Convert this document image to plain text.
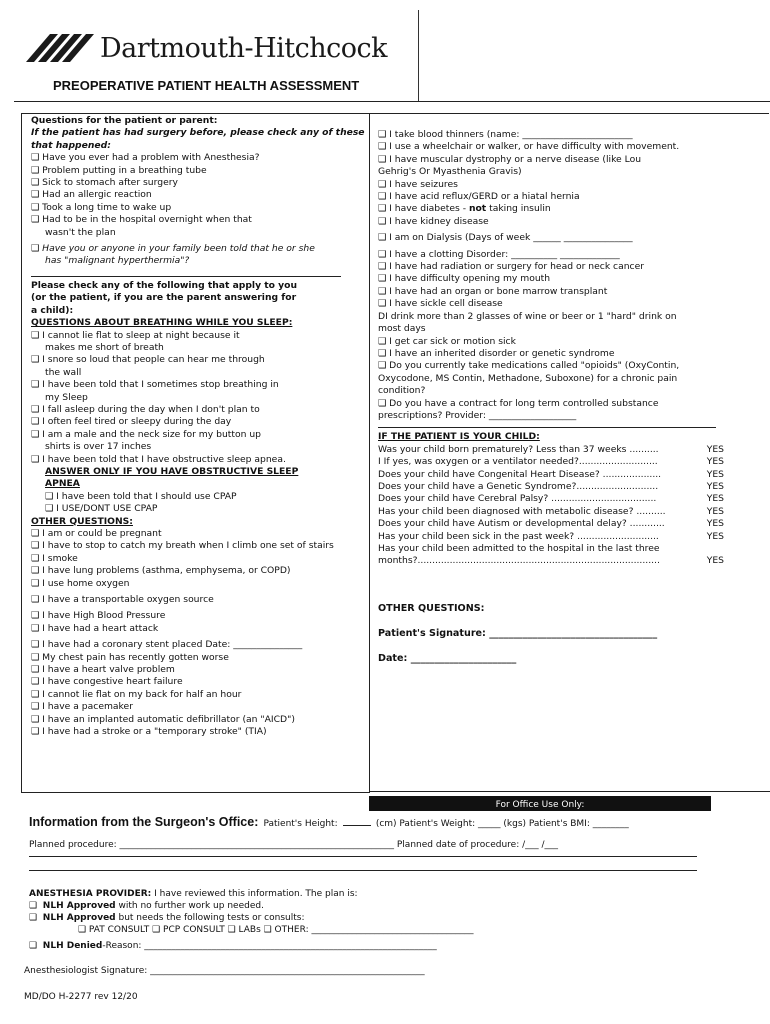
Dartmouth-Hitchcock
PREOPERATIVE PATIENT HEALTH ASSESSMENT
Questions for the patient or parent:
If the patient has had surgery before, please check any of these that happened:
❑ Have you ever had a problem with Anesthesia?
❑ Problem putting in a breathing tube
❑ Sick to stomach after surgery
❑ Had an allergic reaction
❑ Took a long time to wake up
❑ Had to be in the hospital overnight when that
wasn't the plan
❑ Have you or anyone in your family been told that he or she
has "malignant hyperthermia"?
Please check any of the following that apply to you
(or the patient, if you are the parent answering for
a child):
QUESTIONS ABOUT BREATHING WHILE YOU SLEEP:
❑ I cannot lie flat to sleep at night because it
makes me short of breath
❑ I snore so loud that people can hear me through
the wall
❑ I have been told that I sometimes stop breathing in
my Sleep
❑ I fall asleep during the day when I don't plan to
❑ I often feel tired or sleepy during the day
❑ I am a male and the neck size for my button up
shirts is over 17 inches
❑ I have been told that I have obstructive sleep apnea.
ANSWER ONLY IF YOU HAVE OBSTRUCTIVE SLEEP
APNEA
❑ I have been told that I should use CPAP
❑ I USE/DONT USE CPAP
OTHER QUESTIONS:
❑ I am or could be pregnant
❑ I have to stop to catch my breath when I climb one set of stairs
❑ I smoke
❑ I have lung problems (asthma, emphysema, or COPD)
❑ I use home oxygen
❑ I have a transportable oxygen source
❑ I have High Blood Pressure
❑ I have had a heart attack
❑ I have had a coronary stent placed Date: _______________
❑ My chest pain has recently gotten worse
❑ I have a heart valve problem
❑ I have congestive heart failure
❑ I cannot lie flat on my back for half an hour
❑ I have a pacemaker
❑ I have an implanted automatic defibrillator (an "AICD")
❑ I have had a stroke or a "temporary stroke" (TIA)
❑ I take blood thinners (name: ________________________
❑ I use a wheelchair or walker, or have difficulty with movement.
❑ I have muscular dystrophy or a nerve disease (like Lou
Gehrig's Or Myasthenia Gravis)
❑ I have seizures
❑ I have acid reflux/GERD or a hiatal hernia
❑ I have diabetes - not taking insulin
❑ I have kidney disease
❑ I am on Dialysis (Days of week ______ _______________
❑ I have a clotting Disorder: __________ _____________
❑ I have had radiation or surgery for head or neck cancer
❑ I have difficulty opening my mouth
❑ I have had an organ or bone marrow transplant
❑ I have sickle cell disease
DI drink more than 2 glasses of wine or beer or 1 "hard" drink on
most days
❑ I get car sick or motion sick
❑ I have an inherited disorder or genetic syndrome
❑ Do you currently take medications called "opioids" (OxyContin,
Oxycodone, MS Contin, Methadone, Suboxone) for a chronic pain
condition?
❑ Do you have a contract for long term controlled substance
prescriptions? Provider: ___________________
IF THE PATIENT IS YOUR CHILD:
Was your child born prematurely? Less than 37 weeks ..........	YES
I If yes, was oxygen or a ventilator needed?...........................	YES
Does your child have Congenital Heart Disease? ....................	YES
Does your child have a Genetic Syndrome?............................	YES
Does your child have Cerebral Palsy? ....................................	YES
Has your child been diagnosed with metabolic disease? ..........	YES
Does your child have Autism or developmental delay? ............	YES
Has your child been sick in the past week? ............................	YES
Has your child been admitted to the hospital in the last three
months?...................................................................................	YES
OTHER QUESTIONS:
Patient's Signature: ___________________________________
Date: ______________________
For Office Use Only:
Information from the Surgeon's Office: Patient's Height:	(cm) Patient's Weight: _____ (kgs) Patient's BMI: ________
Planned procedure: _____________________________________________________________ Planned date of procedure: /___ /___
ANESTHESIA PROVIDER: I have reviewed this information. The plan is:
❑  NLH Approved with no further work up needed.
❑  NLH Approved but needs the following tests or consults:
❑ PAT CONSULT ❑ PCP CONSULT ❑ LABs ❑ OTHER: ____________________________________
❑  NLH Denied-Reason: _________________________________________________________________
Anesthesiologist Signature: _____________________________________________________________
MD/DO H-2277 rev 12/20
